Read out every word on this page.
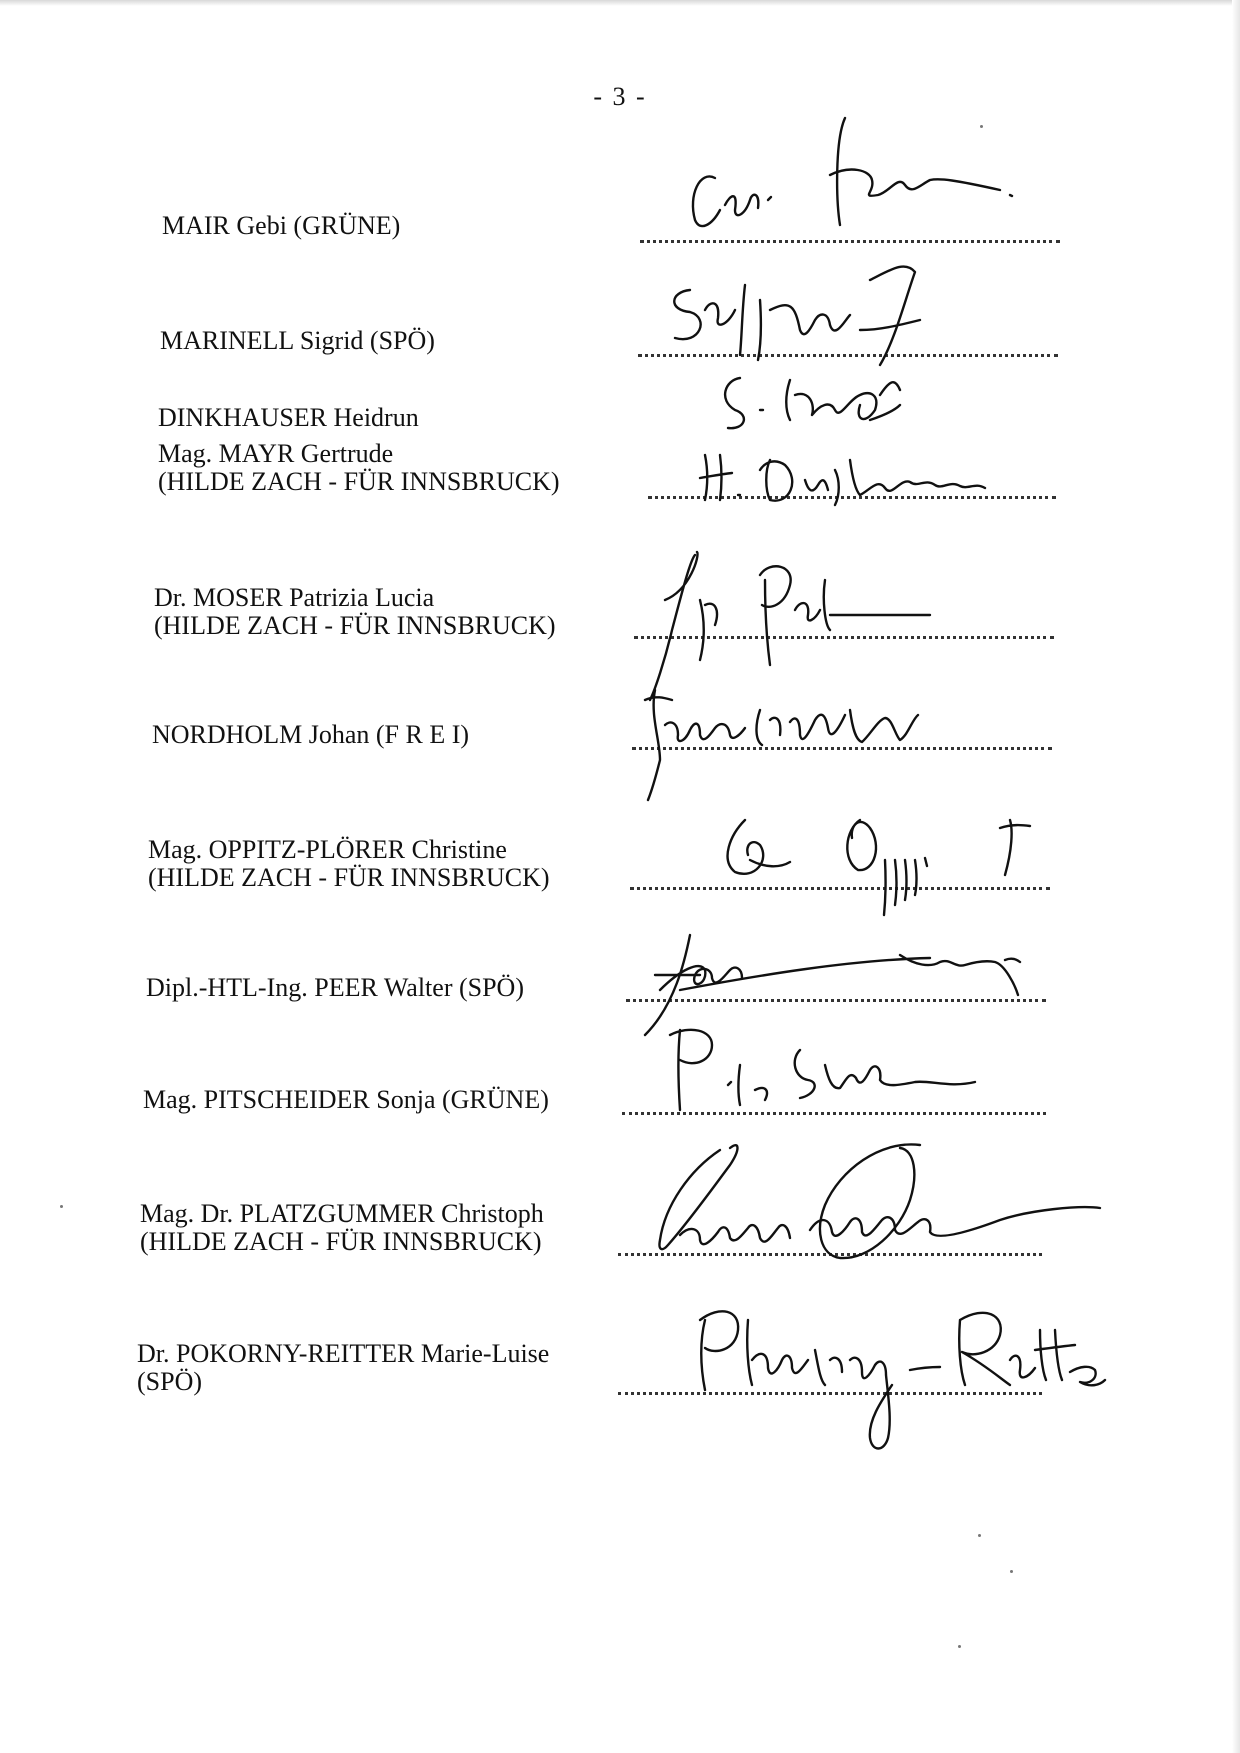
- 3 -
MAIR Gebi (GRÜNE)
MARINELL Sigrid (SPÖ)
DINKHAUSER Heidrun
Mag. MAYR Gertrude
(HILDE ZACH - FÜR INNSBRUCK)
Dr. MOSER Patrizia Lucia
(HILDE ZACH - FÜR INNSBRUCK)
NORDHOLM Johan (F R E I)
Mag. OPPITZ-PLÖRER Christine
(HILDE ZACH - FÜR INNSBRUCK)
Dipl.-HTL-Ing. PEER Walter (SPÖ)
Mag. PITSCHEIDER Sonja (GRÜNE)
Mag. Dr. PLATZGUMMER Christoph
(HILDE ZACH - FÜR INNSBRUCK)
Dr. POKORNY-REITTER Marie-Luise
(SPÖ)
